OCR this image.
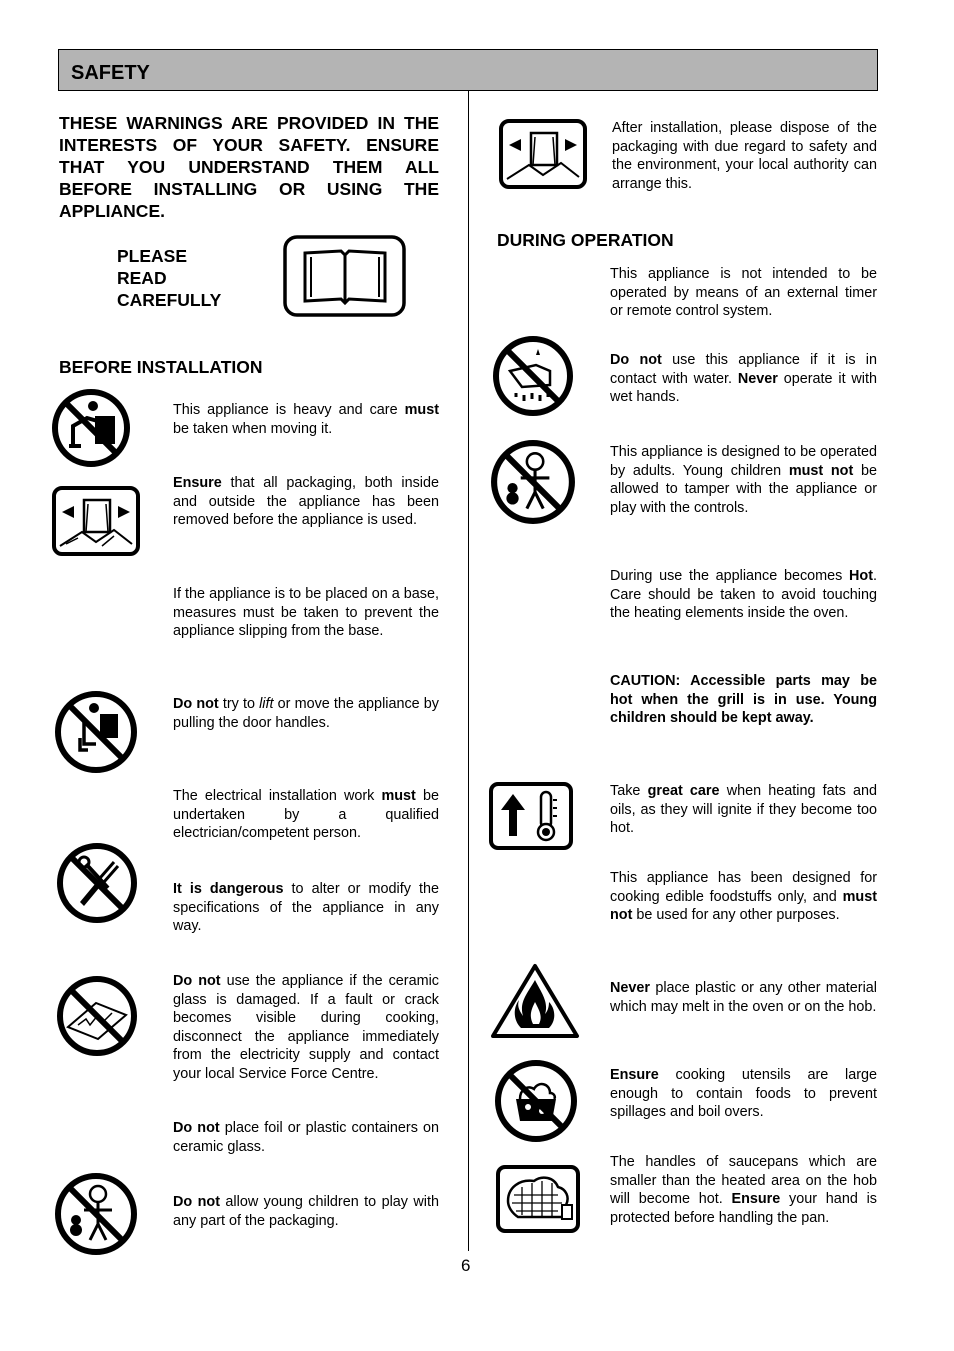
SAFETY

THESE WARNINGS ARE PROVIDED IN THE INTERESTS OF YOUR SAFETY. ENSURE THAT YOU UNDERSTAND THEM ALL BEFORE INSTALLING OR USING THE APPLIANCE.

PLEASE
READ
CAREFULLY
BEFORE INSTALLATION

This appliance is heavy and care must be taken when moving it.

Ensure that all packaging, both inside and outside the appliance has been removed before the appliance is used.

If the appliance is to be placed on a base, measures must be taken to prevent the appliance slipping from the base.

Do not try to lift or move the appliance by pulling the door handles.

The electrical installation work must be undertaken by a qualified electrician/competent person.

It is dangerous to alter or modify the specifications of the appliance in any way.

Do not use the appliance if the ceramic glass is damaged. If a fault or crack becomes visible during cooking, disconnect the appliance immediately from the electricity supply and contact your local Service Force Centre.

Do not place foil or plastic containers on ceramic glass.

Do not allow young children to play with any part of the packaging.

After installation, please dispose of the packaging with due regard to safety and the environment, your local authority can arrange this.

DURING OPERATION

This appliance is not intended to be operated by means of an external timer or remote control system.

Do not use this appliance if it is in contact with water. Never operate it with wet hands.

This appliance is designed to be operated by adults. Young children must not be allowed to tamper with the appliance or play with the controls.

During use the appliance becomes Hot. Care should be taken to avoid touching the heating elements inside the oven.

CAUTION: Accessible parts may be hot when the grill is in use. Young children should be kept away.

Take great care when heating fats and oils, as they will ignite if they become too hot.

This appliance has been designed for cooking edible foodstuffs only, and must not be used for any other purposes.

Never place plastic or any other material which may melt in the oven or on the hob.

Ensure cooking utensils are large enough to contain foods to prevent spillages and boil overs.

The handles of saucepans which are smaller than the heated area on the hob will become hot. Ensure your hand is protected before handling the pan.

6
